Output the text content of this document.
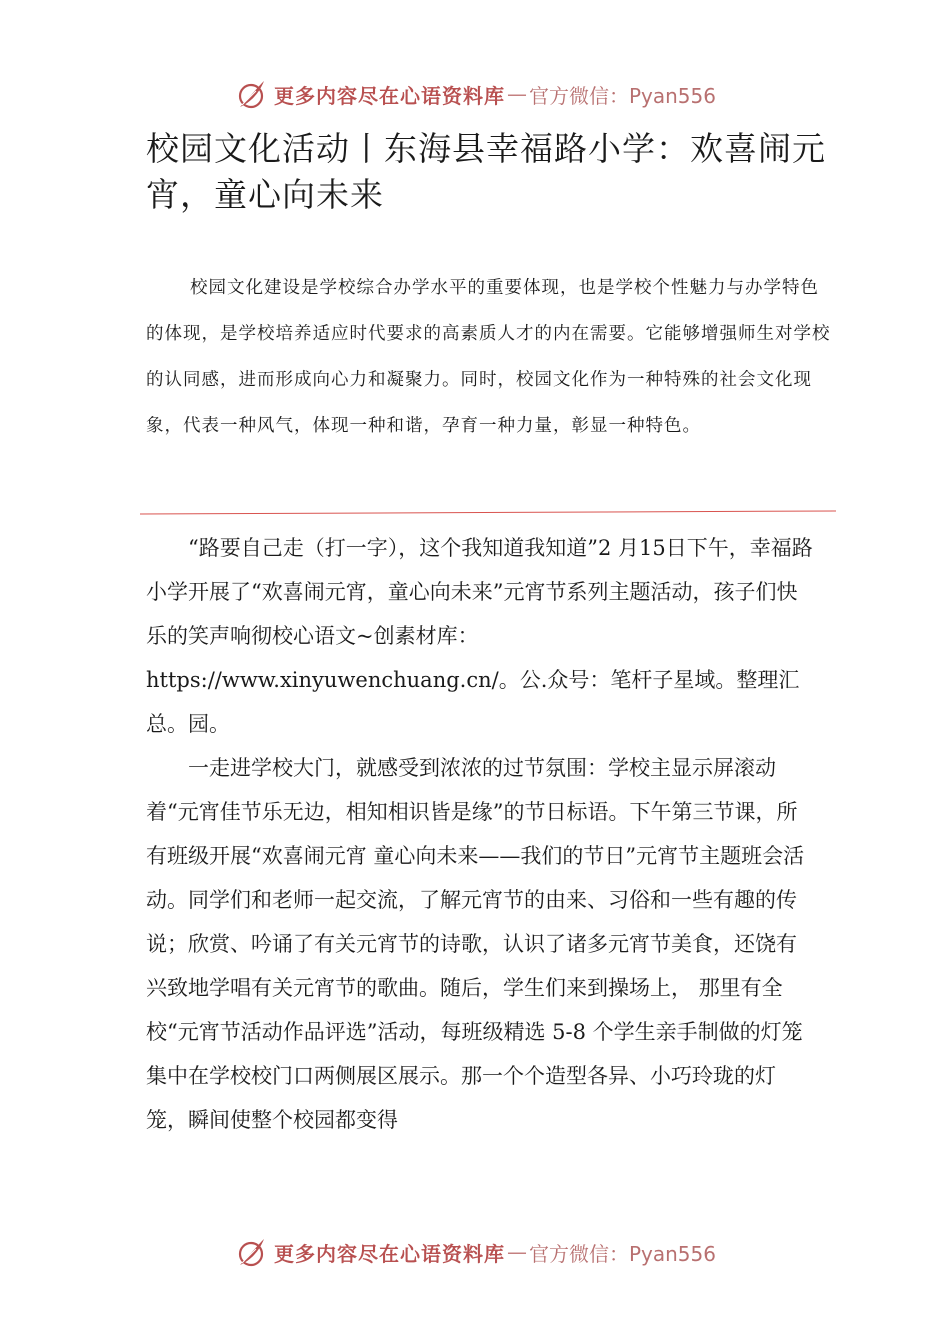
更多内容尽在心语资料库 — 官方微信：Pyan556
校园文化活动丨东海县幸福路小学：欢喜闹元宵，童心向未来

校园文化建设是学校综合办学水平的重要体现，也是学校个性魅力与办学特色的体现，是学校培养适应时代要求的高素质人才的内在需要。它能够增强师生对学校的认同感，进而形成向心力和凝聚力。同时，校园文化作为一种特殊的社会文化现象，代表一种风气，体现一种和谐，孕育一种力量，彰显一种特色。

“路要自己走（打一字），这个我知道我知道”2 月15日下午，幸福路小学开展了“欢喜闹元宵，童心向未来”元宵节系列主题活动，孩子们快乐的笑声响彻校心语文~创素材库：https://www.xinyuwenchuang.cn/。公.众号：笔杆子星域。整理汇总。园。

一走进学校大门，就感受到浓浓的过节氛围：学校主显示屏滚动着“元宵佳节乐无边，相知相识皆是缘”的节日标语。下午第三节课，所有班级开展“欢喜闹元宵 童心向未来——我们的节日”元宵节主题班会活动。同学们和老师一起交流，了解元宵节的由来、习俗和一些有趣的传说；欣赏、吟诵了有关元宵节的诗歌，认识了诸多元宵节美食，还饶有兴致地学唱有关元宵节的歌曲。随后，学生们来到操场上， 那里有全校“元宵节活动作品评选”活动，每班级精选 5-8 个学生亲手制做的灯笼集中在学校校门口两侧展区展示。那一个个造型各异、小巧玲珑的灯笼，瞬间使整个校园都变得

更多内容尽在心语资料库 — 官方微信：Pyan556
